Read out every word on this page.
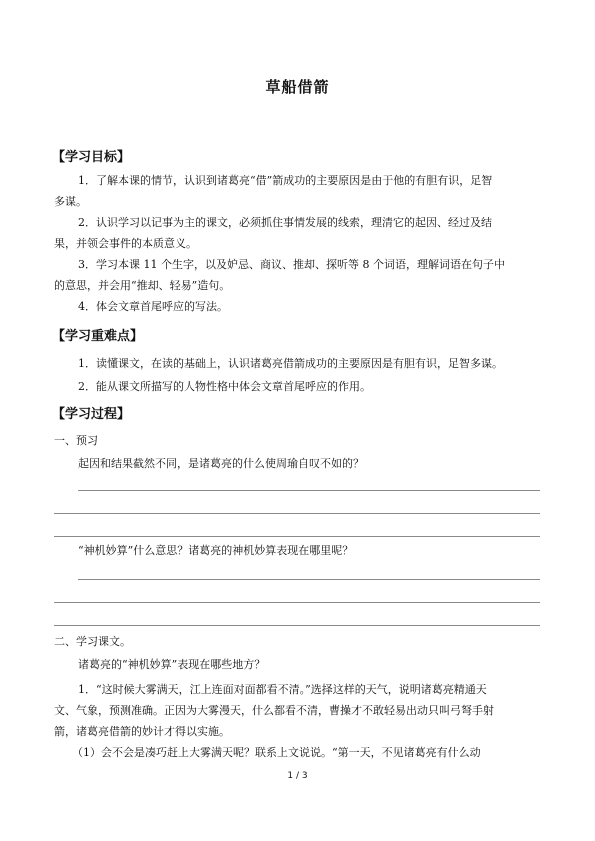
草船借箭
【学习目标】
1．了解本课的情节，认识到诸葛亮“借”箭成功的主要原因是由于他的有胆有识，足智
多谋。
2．认识学习以记事为主的课文，必须抓住事情发展的线索，理清它的起因、经过及结
果，并领会事件的本质意义。
3．学习本课 11 个生字，以及妒忌、商议、推却、探听等 8 个词语，理解词语在句子中
的意思，并会用“推却、轻易”造句。
4．体会文章首尾呼应的写法。
【学习重难点】
1．读懂课文，在读的基础上，认识诸葛亮借箭成功的主要原因是有胆有识，足智多谋。
2．能从课文所描写的人物性格中体会文章首尾呼应的作用。
【学习过程】
一、预习
起因和结果截然不同，是诸葛亮的什么使周瑜自叹不如的？
“神机妙算”什么意思？诸葛亮的神机妙算表现在哪里呢？
二、学习课文。
诸葛亮的“神机妙算”表现在哪些地方？
1．“这时候大雾满天，江上连面对面都看不清。”选择这样的天气，说明诸葛亮精通天
文、气象，预测准确。正因为大雾漫天，什么都看不清，曹操才不敢轻易出动只叫弓弩手射
箭，诸葛亮借箭的妙计才得以实施。
（1）会不会是凑巧赶上大雾满天呢？联系上文说说。“第一天，不见诸葛亮有什么动
1 / 3
